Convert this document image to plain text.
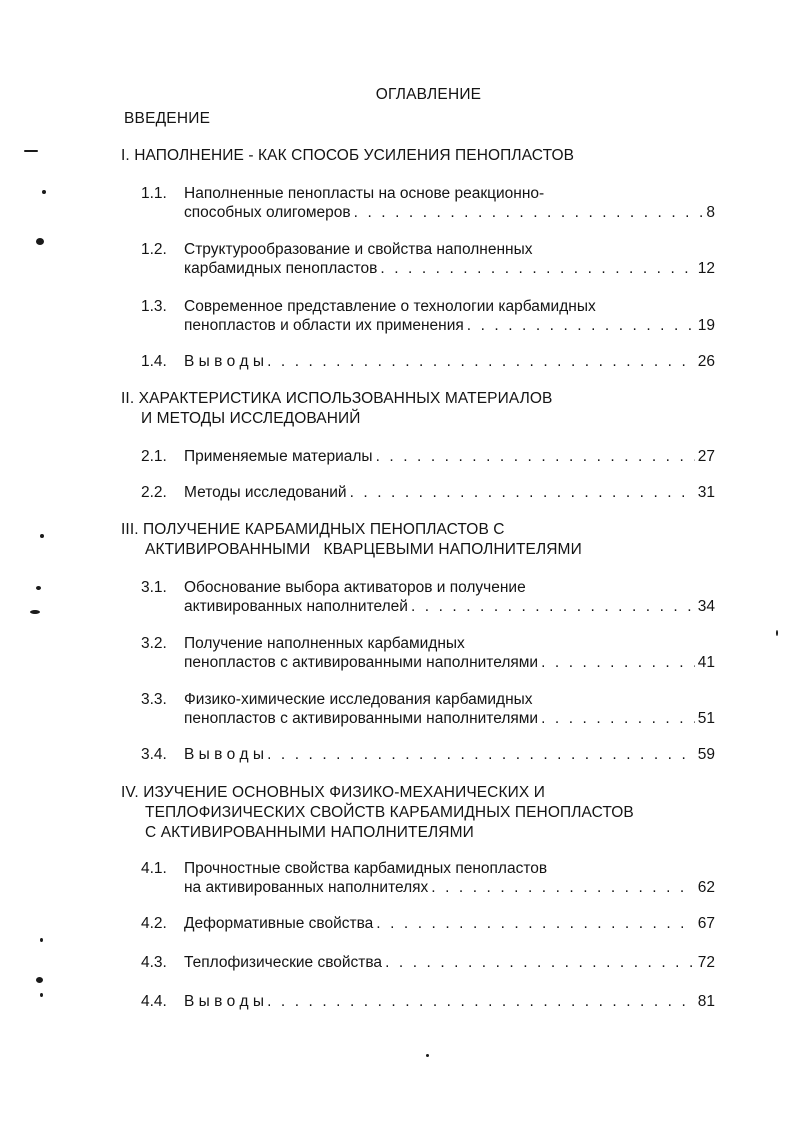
ОГЛАВЛЕНИЕ
ВВЕДЕНИЕ
I. НАПОЛНЕНИЕ - КАК СПОСОБ УСИЛЕНИЯ ПЕНОПЛАСТОВ
1.1. Наполненные пенопласты на основе реакционно-
способных олигомеров . . .	8
1.2. Структурообразование и свойства наполненных
карбамидных пенопластов . . .	12
1.3. Современное представление о технологии карбамидных
пенопластов и области их применения . . .	19
1.4. В ы в о д ы . . .	26
II. ХАРАКТЕРИСТИКА ИСПОЛЬЗОВАННЫХ МАТЕРИАЛОВ
И МЕТОДЫ ИССЛЕДОВАНИЙ
2.1. Применяемые материалы . . .	27
2.2. Методы исследований . . .	31
III. ПОЛУЧЕНИЕ КАРБАМИДНЫХ ПЕНОПЛАСТОВ С
АКТИВИРОВАННЫМИ   КВАРЦЕВЫМИ НАПОЛНИТЕЛЯМИ
3.1. Обоснование выбора активаторов и получение
активированных наполнителей . . .	34
3.2. Получение наполненных карбамидных
пенопластов с активированными наполнителями . . .	41
3.3. Физико-химические исследования карбамидных
пенопластов с активированными наполнителями . . .	51
3.4. В ы в о д ы . . .	59
IV. ИЗУЧЕНИЕ ОСНОВНЫХ ФИЗИКО-МЕХАНИЧЕСКИХ И
ТЕПЛОФИЗИЧЕСКИХ СВОЙСТВ КАРБАМИДНЫХ ПЕНОПЛАСТОВ
С АКТИВИРОВАННЫМИ НАПОЛНИТЕЛЯМИ
4.1. Прочностные свойства карбамидных пенопластов
на активированных наполнителях . . .	62
4.2. Деформативные свойства . . .	67
4.3. Теплофизические свойства . . .	72
4.4. В ы в о д ы . . .	81
